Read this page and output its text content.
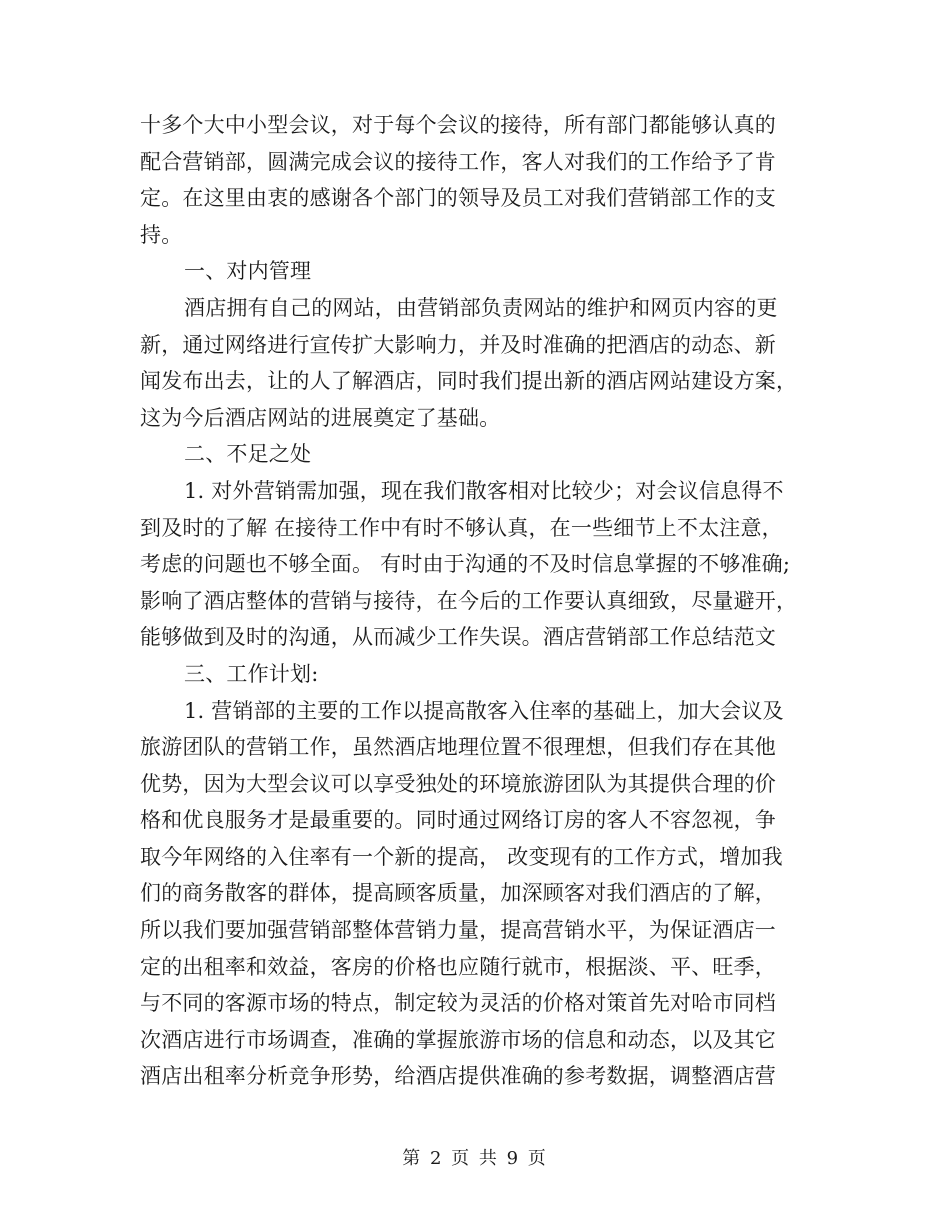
十多个大中小型会议，对于每个会议的接待，所有部门都能够认真的
配合营销部，圆满完成会议的接待工作，客人对我们的工作给予了肯
定。在这里由衷的感谢各个部门的领导及员工对我们营销部工作的支
持。
一、对内管理
酒店拥有自己的网站，由营销部负责网站的维护和网页内容的更
新，通过网络进行宣传扩大影响力，并及时准确的把酒店的动态、新
闻发布出去，让的人了解酒店，同时我们提出新的酒店网站建设方案，
这为今后酒店网站的进展奠定了基础。
二、不足之处
1. 对外营销需加强，现在我们散客相对比较少；对会议信息得不
到及时的了解 在接待工作中有时不够认真，在一些细节上不太注意，
考虑的问题也不够全面。 有时由于沟通的不及时信息掌握的不够准确;
影响了酒店整体的营销与接待，在今后的工作要认真细致，尽量避开，
能够做到及时的沟通，从而减少工作失误。酒店营销部工作总结范文
三、工作计划:
1. 营销部的主要的工作以提高散客入住率的基础上，加大会议及
旅游团队的营销工作，虽然酒店地理位置不很理想，但我们存在其他
优势，因为大型会议可以享受独处的环境旅游团队为其提供合理的价
格和优良服务才是最重要的。同时通过网络订房的客人不容忽视，争
取今年网络的入住率有一个新的提高， 改变现有的工作方式，增加我
们的商务散客的群体，提高顾客质量，加深顾客对我们酒店的了解，
所以我们要加强营销部整体营销力量，提高营销水平，为保证酒店一
定的出租率和效益，客房的价格也应随行就市，根据淡、平、旺季，
与不同的客源市场的特点，制定较为灵活的价格对策首先对哈市同档
次酒店进行市场调查，准确的掌握旅游市场的信息和动态，以及其它
酒店出租率分析竞争形势，给酒店提供准确的参考数据，调整酒店营
第 2 页 共 9 页
